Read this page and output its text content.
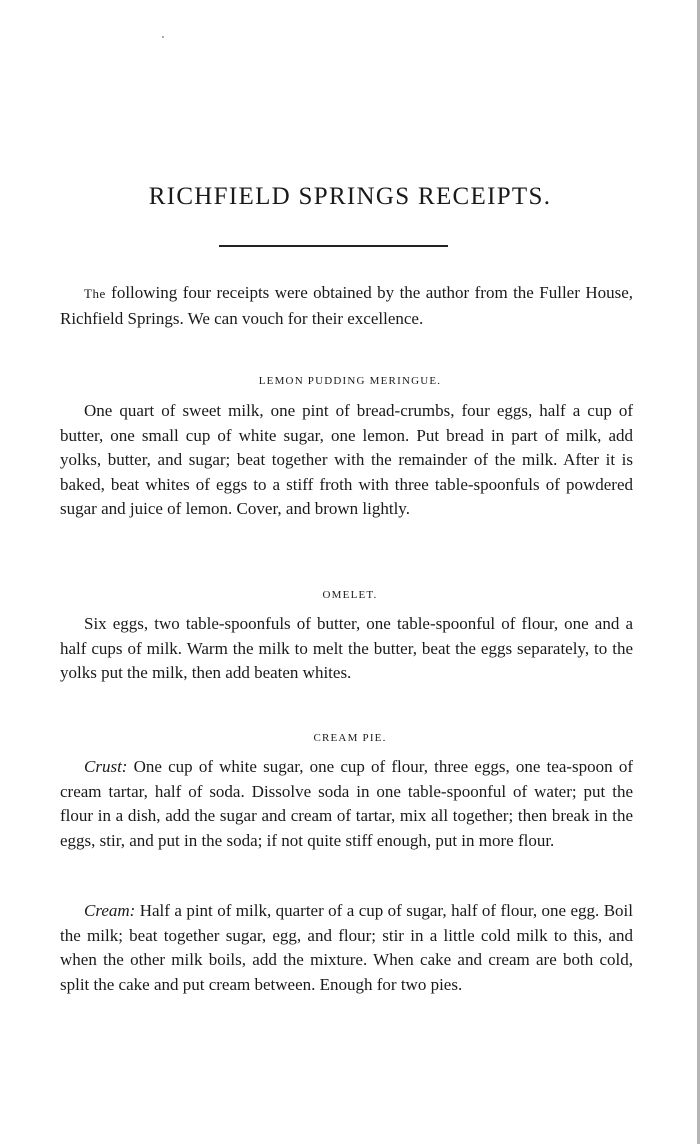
RICHFIELD SPRINGS RECEIPTS.

The following four receipts were obtained by the author from the Fuller House, Richfield Springs. We can vouch for their excellence.

LEMON PUDDING MERINGUE.

One quart of sweet milk, one pint of bread-crumbs, four eggs, half a cup of butter, one small cup of white sugar, one lemon. Put bread in part of milk, add yolks, butter, and sugar; beat together with the remainder of the milk. After it is baked, beat whites of eggs to a stiff froth with three table-spoonfuls of powdered sugar and juice of lemon. Cover, and brown lightly.

OMELET.

Six eggs, two table-spoonfuls of butter, one table-spoonful of flour, one and a half cups of milk. Warm the milk to melt the butter, beat the eggs separately, to the yolks put the milk, then add beaten whites.

CREAM PIE.

Crust: One cup of white sugar, one cup of flour, three eggs, one tea-spoon of cream tartar, half of soda. Dissolve soda in one table-spoonful of water; put the flour in a dish, add the sugar and cream of tartar, mix all together; then break in the eggs, stir, and put in the soda; if not quite stiff enough, put in more flour.

Cream: Half a pint of milk, quarter of a cup of sugar, half of flour, one egg. Boil the milk; beat together sugar, egg, and flour; stir in a little cold milk to this, and when the other milk boils, add the mixture. When cake and cream are both cold, split the cake and put cream between. Enough for two pies.
